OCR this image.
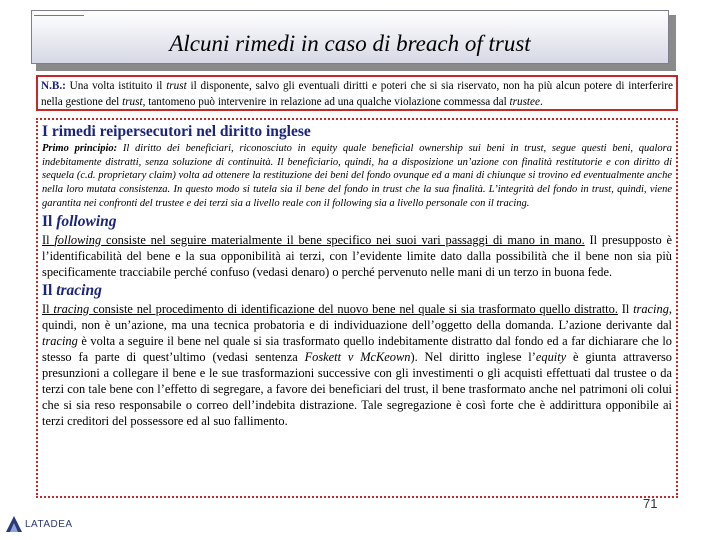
Alcuni rimedi in caso di breach of trust
N.B.: Una volta istituito il trust il disponente, salvo gli eventuali diritti e poteri che si sia riservato, non ha più alcun potere di interferire nella gestione del trust, tantomeno può intervenire in relazione ad una qualche violazione commessa dal trustee.
I rimedi reipersecutori nel diritto inglese

Primo principio: Il diritto dei beneficiari, riconosciuto in equity quale beneficial ownership sui beni in trust, segue questi beni, qualora indebitamente distratti, senza soluzione di continuità. Il beneficiario, quindi, ha a disposizione un’azione con finalità restitutorie e con diritto di sequela (c.d. proprietary claim) volta ad ottenere la restituzione dei beni del fondo ovunque ed a mani di chiunque si trovino ed eventualmente anche nella loro mutata consistenza. In questo modo si tutela sia il bene del fondo in trust che la sua finalità. L’integrità del fondo in trust, quindi, viene garantita nei confronti del trustee e dei terzi sia a livello reale con il following sia a livello personale con il tracing.

Il following

Il following consiste nel seguire materialmente il bene specifico nei suoi vari passaggi di mano in mano. Il presupposto è l’identificabilità del bene e la sua opponibilità ai terzi, con l’evidente limite dato dalla possibilità che il bene non sia più specificamente tracciabile perché confuso (vedasi denaro) o perché pervenuto nelle mani di un terzo in buona fede.

Il tracing

Il tracing consiste nel procedimento di identificazione del nuovo bene nel quale si sia trasformato quello distratto. Il tracing, quindi, non è un’azione, ma una tecnica probatoria e di individuazione dell’oggetto della domanda. L’azione derivante dal tracing è volta a seguire il bene nel quale si sia trasformato quello indebitamente distratto dal fondo ed a far dichiarare che lo stesso fa parte di quest’ultimo (vedasi sentenza Foskett v McKeown). Nel diritto inglese l’equity è giunta attraverso presunzioni a collegare il bene e le sue trasformazioni successive con gli investimenti o gli acquisti effettuati dal trustee o da terzi con tale bene con l’effetto di segregare, a favore dei beneficiari del trust, il bene trasformato anche nel patrimoni oli colui che si sia reso responsabile o correo dell’indebita distrazione. Tale segregazione è così forte che è addirittura opponibile ai terzi creditori del possessore ed al suo fallimento.

71
LATADEA
